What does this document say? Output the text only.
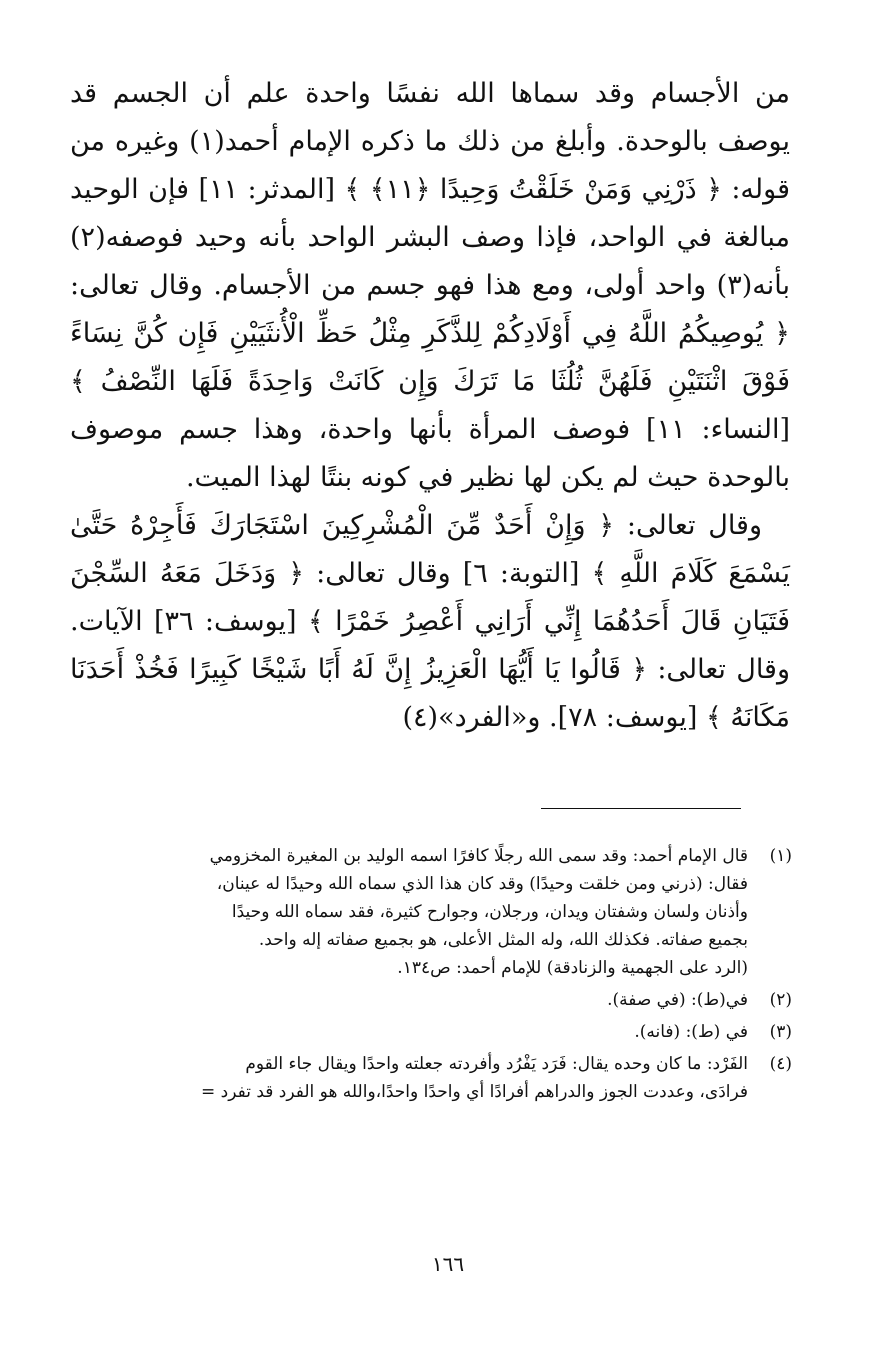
من الأجسام وقد سماها الله نفسًا واحدة علم أن الجسم قد يوصف بالوحدة. وأبلغ من ذلك ما ذكره الإمام أحمد(١) وغيره من قوله: ﴿ ذَرْنِي وَمَنْ خَلَقْتُ وَحِيدًا ﴿١١﴾ ﴾ [المدثر: ١١] فإن الوحيد مبالغة في الواحد، فإذا وصف البشر الواحد بأنه وحيد فوصفه(٢) بأنه(٣) واحد أولى، ومع هذا فهو جسم من الأجسام. وقال تعالى: ﴿ يُوصِيكُمُ اللَّهُ فِي أَوْلَادِكُمْ لِلذَّكَرِ مِثْلُ حَظِّ الْأُنثَيَيْنِ فَإِن كُنَّ نِسَاءً فَوْقَ اثْنَتَيْنِ فَلَهُنَّ ثُلُثَا مَا تَرَكَ وَإِن كَانَتْ وَاحِدَةً فَلَهَا النِّصْفُ ﴾ [النساء: ١١] فوصف المرأة بأنها واحدة، وهذا جسم موصوف بالوحدة حيث لم يكن لها نظير في كونه بنتًا لهذا الميت.

وقال تعالى: ﴿ وَإِنْ أَحَدٌ مِّنَ الْمُشْرِكِينَ اسْتَجَارَكَ فَأَجِرْهُ حَتَّىٰ يَسْمَعَ كَلَامَ اللَّهِ ﴾ [التوبة: ٦] وقال تعالى: ﴿ وَدَخَلَ مَعَهُ السِّجْنَ فَتَيَانِ قَالَ أَحَدُهُمَا إِنِّي أَرَانِي أَعْصِرُ خَمْرًا ﴾ [يوسف: ٣٦] الآيات. وقال تعالى: ﴿ قَالُوا يَا أَيُّهَا الْعَزِيزُ إِنَّ لَهُ أَبًا شَيْخًا كَبِيرًا فَخُذْ أَحَدَنَا مَكَانَهُ ﴾ [يوسف: ٧٨]. و«الفرد»(٤)

(١)
قال الإمام أحمد: وقد سمى الله رجلًا كافرًا اسمه الوليد بن المغيرة المخزومي
فقال: (ذرني ومن خلقت وحيدًا) وقد كان هذا الذي سماه الله وحيدًا له عينان،
وأذنان ولسان وشفتان ويدان، ورجلان، وجوارح كثيرة، فقد سماه الله وحيدًا
بجميع صفاته. فكذلك الله، وله المثل الأعلى، هو بجميع صفاته إله واحد.
(الرد على الجهمية والزنادقة) للإمام أحمد: ص١٣٤.
(٢)
في(ط): (في صفة).
(٣)
في (ط): (فانه).
(٤)
الفَرْد: ما كان وحده يقال: فَرَد يَفْرُد وأفردته جعلته واحدًا ويقال جاء القوم
فرادَى، وعددت الجوز والدراهم أفرادًا أي واحدًا واحدًا،والله هو الفرد قد تفرد =
١٦٦
